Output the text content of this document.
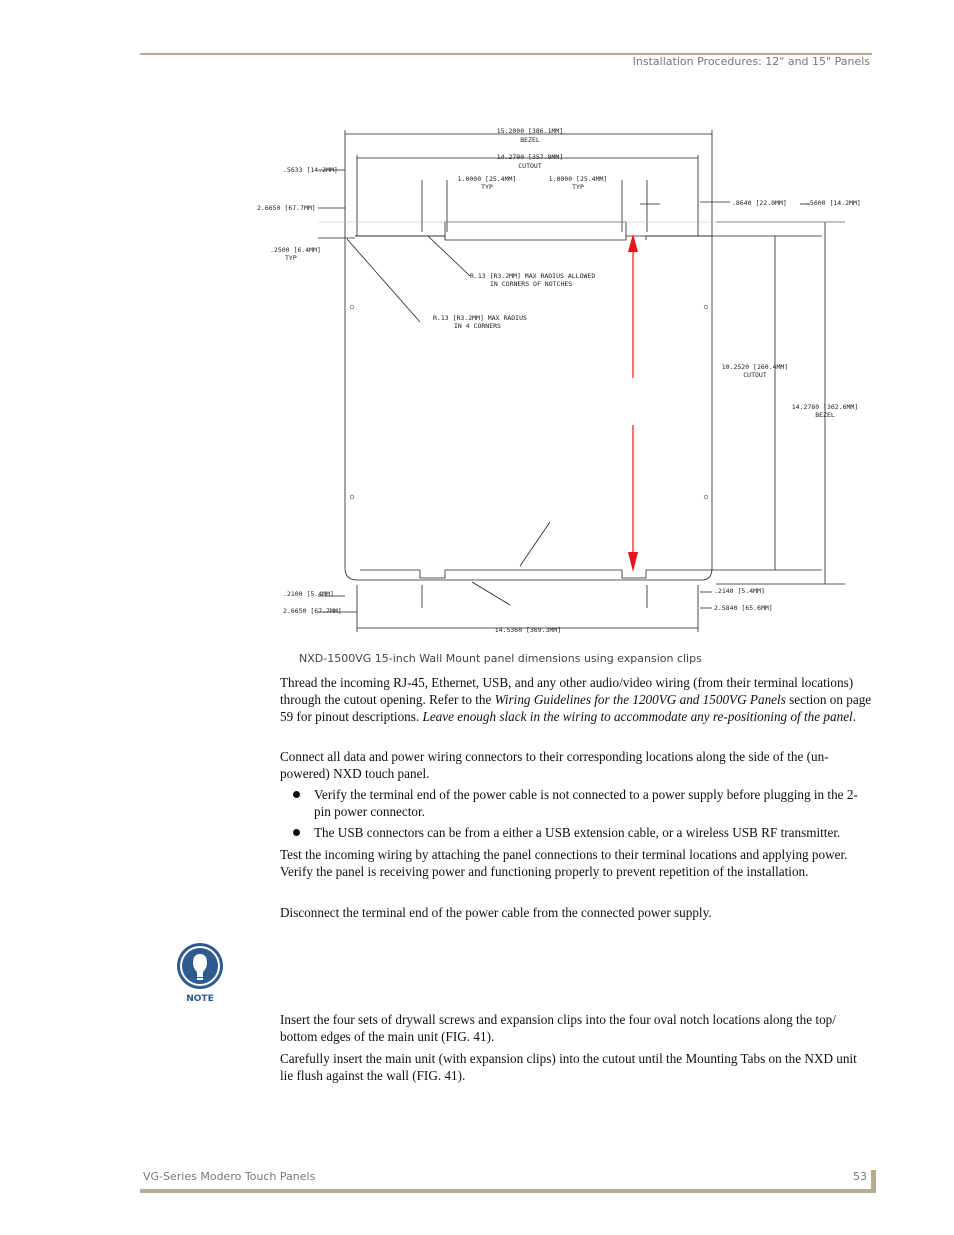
Installation Procedures: 12" and 15" Panels
15.2000 [386.1MM]
BEZEL
14.2790 [357.8MM]
CUTOUT
1.0000 [25.4MM]
TYP
1.0000 [25.4MM]
TYP
.5633 [14.2MM]
2.6650 [67.7MM]
.2500 [6.4MM]
TYP
.8640 [22.0MM]	.5600 [14.2MM]
R.13 [R3.2MM] MAX RADIUS ALLOWED
IN CORNERS OF NOTCHES
R.13 [R3.2MM] MAX RADIUS
IN 4 CORNERS
10.2520 [260.4MM]
CUTOUT
14.2780 [362.6MM]
BEZEL
.2100 [5.4MM]
2.6650 [67.7MM]
.2140 [5.4MM]
2.5840 [65.6MM]
14.5360 [369.3MM]
NXD-1500VG 15-inch Wall Mount panel dimensions using expansion clips

Thread the incoming RJ-45, Ethernet, USB, and any other audio/video wiring (from their terminal locations) through the cutout opening. Refer to the Wiring Guidelines for the 1200VG and 1500VG Panels section on page 59 for pinout descriptions. Leave enough slack in the wiring to accommodate any re-positioning of the panel.

Connect all data and power wiring connectors to their corresponding locations along the side of the (un-powered) NXD touch panel.

Verify the terminal end of the power cable is not connected to a power supply before plugging in the 2-pin power connector.
The USB connectors can be from a either a USB extension cable, or a wireless USB RF transmitter.

Test the incoming wiring by attaching the panel connections to their terminal locations and applying power. Verify the panel is receiving power and functioning properly to prevent repetition of the installation.

Disconnect the terminal end of the power cable from the connected power supply.

NOTE

Insert the four sets of drywall screws and expansion clips into the four oval notch locations along the top/ bottom edges of the main unit (FIG. 41).

Carefully insert the main unit (with expansion clips) into the cutout until the Mounting Tabs on the NXD unit lie flush against the wall (FIG. 41).

VG-Series Modero Touch Panels	53
